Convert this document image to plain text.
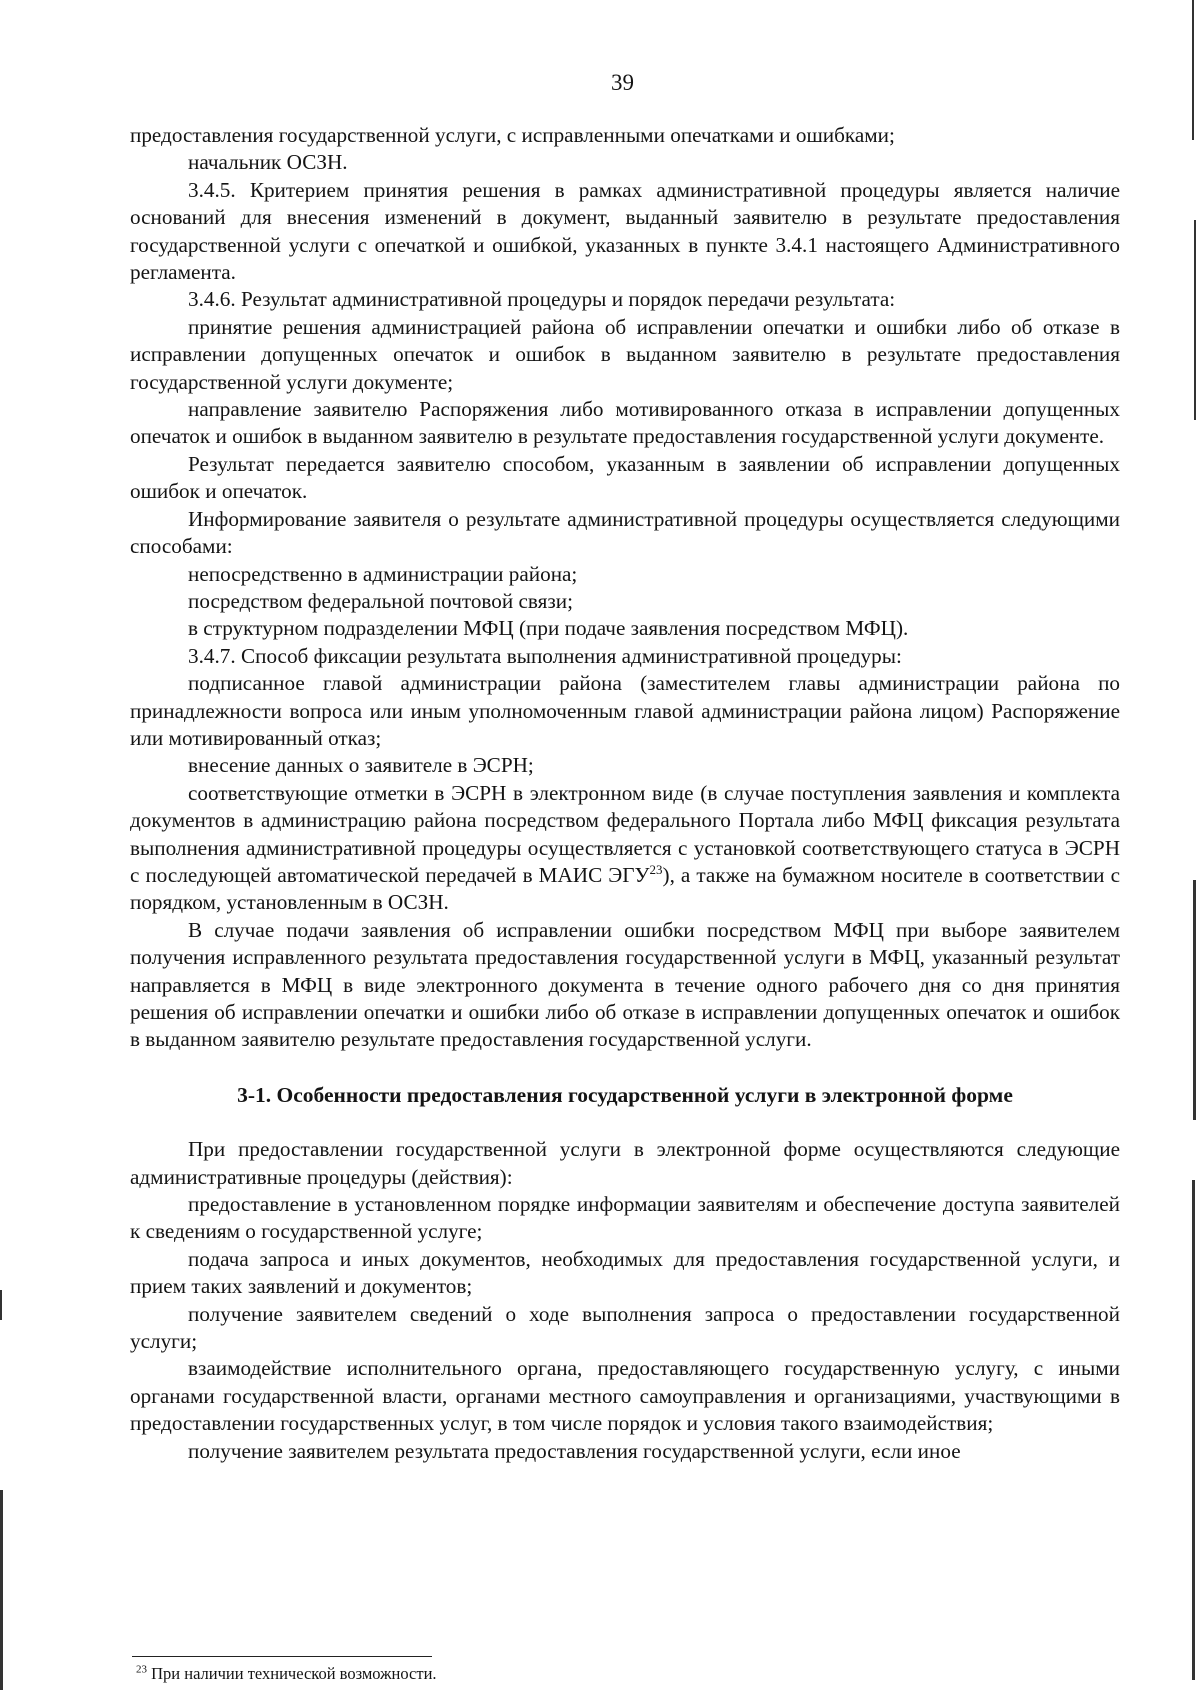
39

предоставления государственной услуги, с исправленными опечатками и ошибками;

начальник ОСЗН.

3.4.5. Критерием принятия решения в рамках административной процедуры является наличие оснований для внесения изменений в документ, выданный заявителю в результате предоставления государственной услуги с опечаткой и ошибкой, указанных в пункте 3.4.1 настоящего Административного регламента.

3.4.6. Результат административной процедуры и порядок передачи результата:

принятие решения администрацией района об исправлении опечатки и ошибки либо об отказе в исправлении допущенных опечаток и ошибок в выданном заявителю в результате предоставления государственной услуги документе;

направление заявителю Распоряжения либо мотивированного отказа в исправлении допущенных опечаток и ошибок в выданном заявителю в результате предоставления государственной услуги документе.

Результат передается заявителю способом, указанным в заявлении об исправлении допущенных ошибок и опечаток.

Информирование заявителя о результате административной процедуры осуществляется следующими способами:

непосредственно в администрации района;

посредством федеральной почтовой связи;

в структурном подразделении МФЦ (при подаче заявления посредством МФЦ).

3.4.7. Способ фиксации результата выполнения административной процедуры:

подписанное главой администрации района (заместителем главы администрации района по принадлежности вопроса или иным уполномоченным главой администрации района лицом) Распоряжение или мотивированный отказ;

внесение данных о заявителе в ЭСРН;

соответствующие отметки в ЭСРН в электронном виде (в случае поступления заявления и комплекта документов в администрацию района посредством федерального Портала либо МФЦ фиксация результата выполнения административной процедуры осуществляется с установкой соответствующего статуса в ЭСРН с последующей автоматической передачей в МАИС ЭГУ$^{23}$), а также на бумажном носителе в соответствии с порядком, установленным в ОСЗН.

В случае подачи заявления об исправлении ошибки посредством МФЦ при выборе заявителем получения исправленного результата предоставления государственной услуги в МФЦ, указанный результат направляется в МФЦ в виде электронного документа в течение одного рабочего дня со дня принятия решения об исправлении опечатки и ошибки либо об отказе в исправлении допущенных опечаток и ошибок в выданном заявителю результате предоставления государственной услуги.

3-1. Особенности предоставления государственной услуги в электронной форме

При предоставлении государственной услуги в электронной форме осуществляются следующие административные процедуры (действия):

предоставление в установленном порядке информации заявителям и обеспечение доступа заявителей к сведениям о государственной услуге;

подача запроса и иных документов, необходимых для предоставления государственной услуги, и прием таких заявлений и документов;

получение заявителем сведений о ходе выполнения запроса о предоставлении государственной услуги;

взаимодействие исполнительного органа, предоставляющего государственную услугу, с иными органами государственной власти, органами местного самоуправления и организациями, участвующими в предоставлении государственных услуг, в том числе порядок и условия такого взаимодействия;

получение заявителем результата предоставления государственной услуги, если иное

$^{23}$ При наличии технической возможности.
